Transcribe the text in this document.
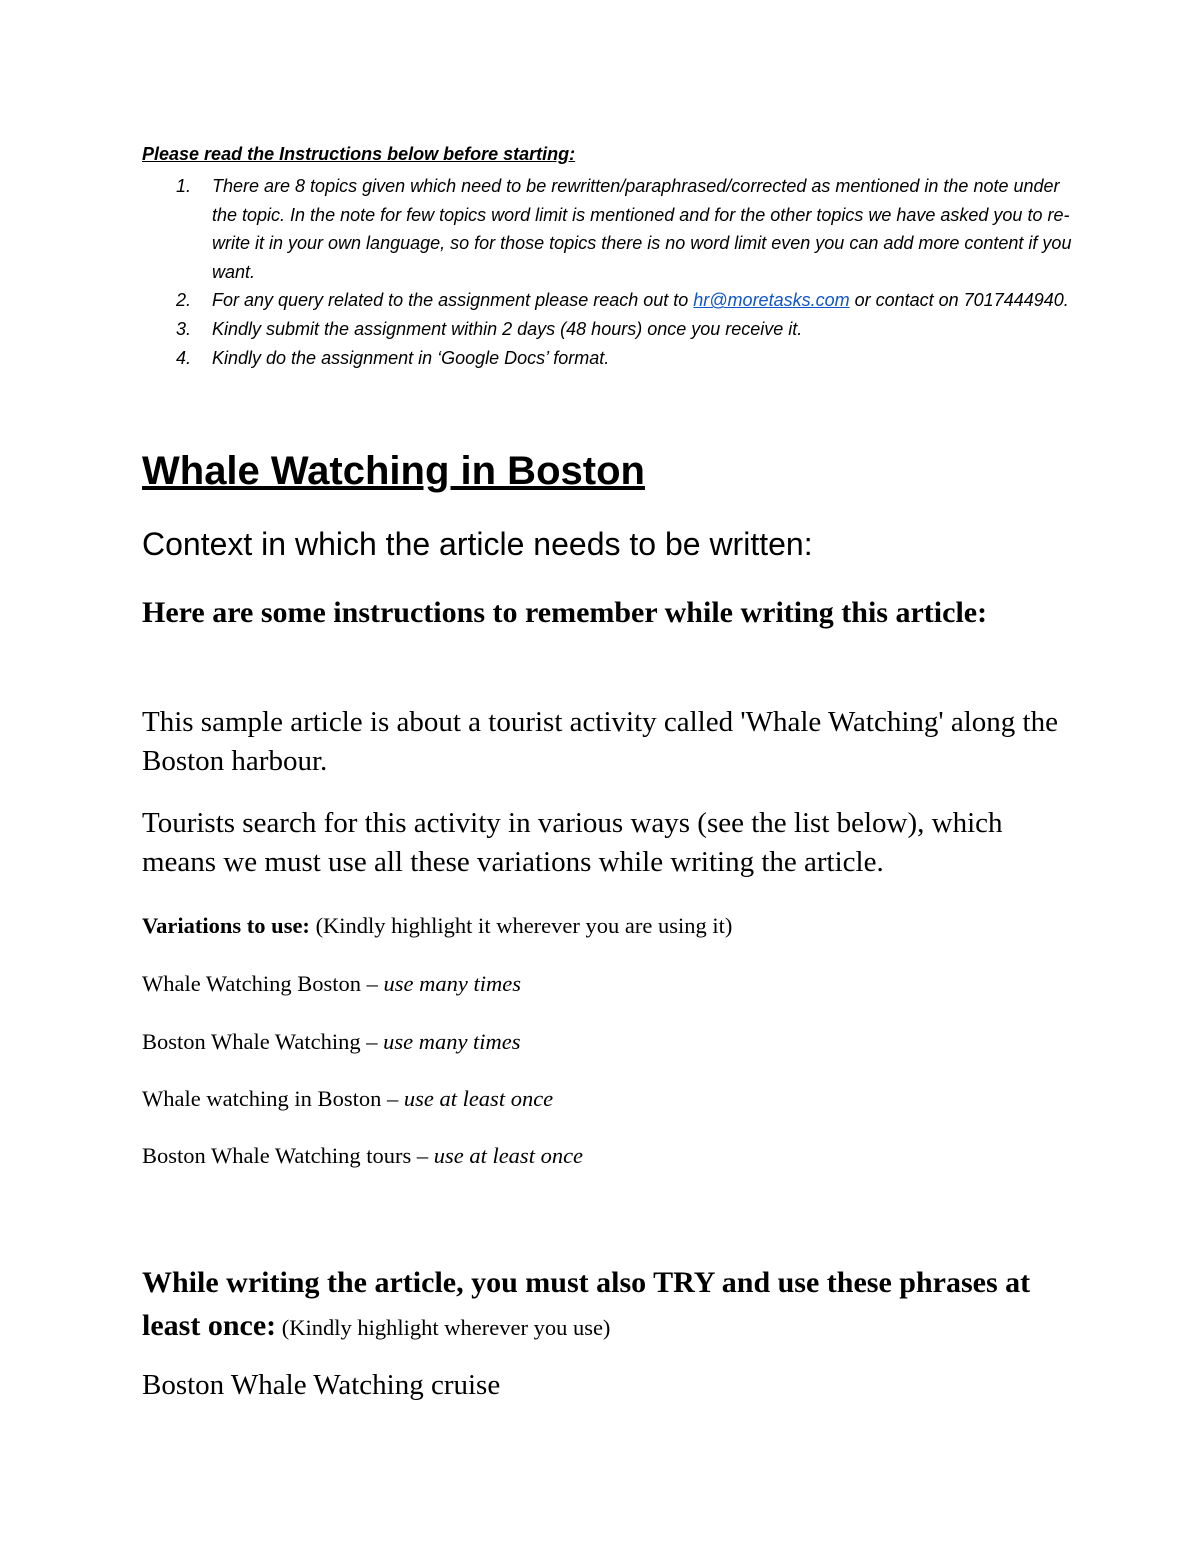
Please read the Instructions below before starting:
1. There are 8 topics given which need to be rewritten/paraphrased/corrected as mentioned in the note under the topic. In the note for few topics word limit is mentioned and for the other topics we have asked you to re-write it in your own language, so for those topics there is no word limit even you can add more content if you want.
2. For any query related to the assignment please reach out to hr@moretasks.com or contact on 7017444940.
3. Kindly submit the assignment within 2 days (48 hours) once you receive it.
4. Kindly do the assignment in ‘Google Docs’ format.
Whale Watching in Boston
Context in which the article needs to be written:
Here are some instructions to remember while writing this article:
This sample article is about a tourist activity called 'Whale Watching' along the Boston harbour.
Tourists search for this activity in various ways (see the list below), which means we must use all these variations while writing the article.
Variations to use: (Kindly highlight it wherever you are using it)
Whale Watching Boston – use many times
Boston Whale Watching – use many times
Whale watching in Boston – use at least once
Boston Whale Watching tours – use at least once
While writing the article, you must also TRY and use these phrases at least once: (Kindly highlight wherever you use)
Boston Whale Watching cruise
